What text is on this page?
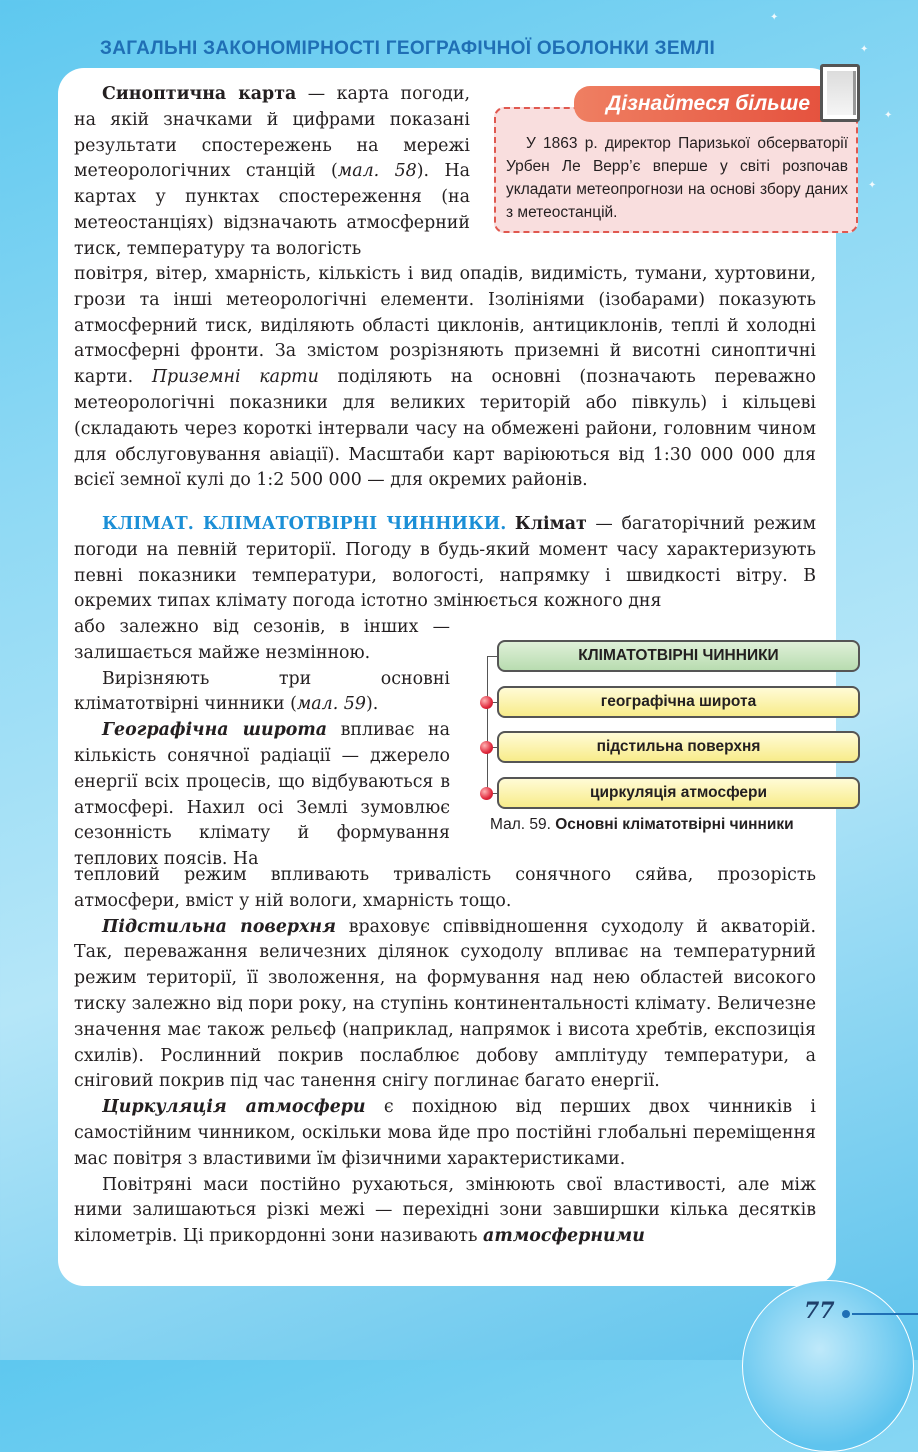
✦
✦
✦
✦
ЗАГАЛЬНІ ЗАКОНОМІРНОСТІ ГЕОГРАФІЧНОЇ ОБОЛОНКИ ЗЕМЛІ
Дізнайтеся більше
У 1863 р. директор Паризької обсерваторії Урбен Ле Верр’є вперше у світі розпочав укладати метеопрогнози на основі збору даних з метеостанцій.

Синоптична карта — карта погоди, на якій значками й цифрами показані результати спостережень на мережі метеорологічних станцій (мал. 58). На картах у пунктах спостереження (на метеостанціях) відзначають атмосферний тиск, температуру та вологість

повітря, вітер, хмарність, кількість і вид опадів, видимість, тумани, хуртовини, грози та інші метеорологічні елементи. Ізолініями (ізобарами) показують атмосферний тиск, виділяють області циклонів, антициклонів, теплі й холодні атмосферні фронти. За змістом розрізняють приземні й висотні синоптичні карти. Приземні карти поділяють на основні (позначають переважно метеорологічні показники для великих територій або півкуль) і кільцеві (складають через короткі інтервали часу на обмежені райони, головним чином для обслуговування авіації). Масштаби карт варіюються від 1:30 000 000 для всієї земної кулі до 1:2 500 000 — для окремих районів.

КЛІМАТ. КЛІМАТОТВІРНІ ЧИННИКИ. Клімат — багаторічний режим погоди на певній території. Погоду в будь-який момент часу характеризують певні показники температури, вологості, напрямку і швидкості вітру. В окремих типах клімату погода істотно змінюється кожного дня

або залежно від сезонів, в інших — залишається майже незмінною.

Вирізняють три основні кліматотвірні чинники (мал. 59).

Географічна широта впливає на кількість сонячної радіації — джерело енергії всіх процесів, що відбуваються в атмосфері. Нахил осі Землі зумовлює сезонність клімату й формування теплових поясів. На

КЛІМАТОТВІРНІ ЧИННИКИ
географічна широта
підстильна поверхня
циркуляція атмосфери
Мал. 59. Основні кліматотвірні чинники

тепловий режим впливають тривалість сонячного сяйва, прозорість атмосфери, вміст у ній вологи, хмарність тощо.

Підстильна поверхня враховує співвідношення суходолу й акваторій. Так, переважання величезних ділянок суходолу впливає на температурний режим території, її зволоження, на формування над нею областей високого тиску залежно від пори року, на ступінь континентальності клімату. Величезне значення має також рельєф (наприклад, напрямок і висота хребтів, експозиція схилів). Рослинний покрив послаблює добову амплітуду температури, а сніговий покрив під час танення снігу поглинає багато енергії.

Циркуляція атмосфери є похідною від перших двох чинників і самостійним чинником, оскільки мова йде про постійні глобальні переміщення мас повітря з властивими їм фізичними характеристиками.

Повітряні маси постійно рухаються, змінюють свої властивості, але між ними залишаються різкі межі — перехідні зони завширшки кілька десятків кілометрів. Ці прикордонні зони називають атмосферними

77
